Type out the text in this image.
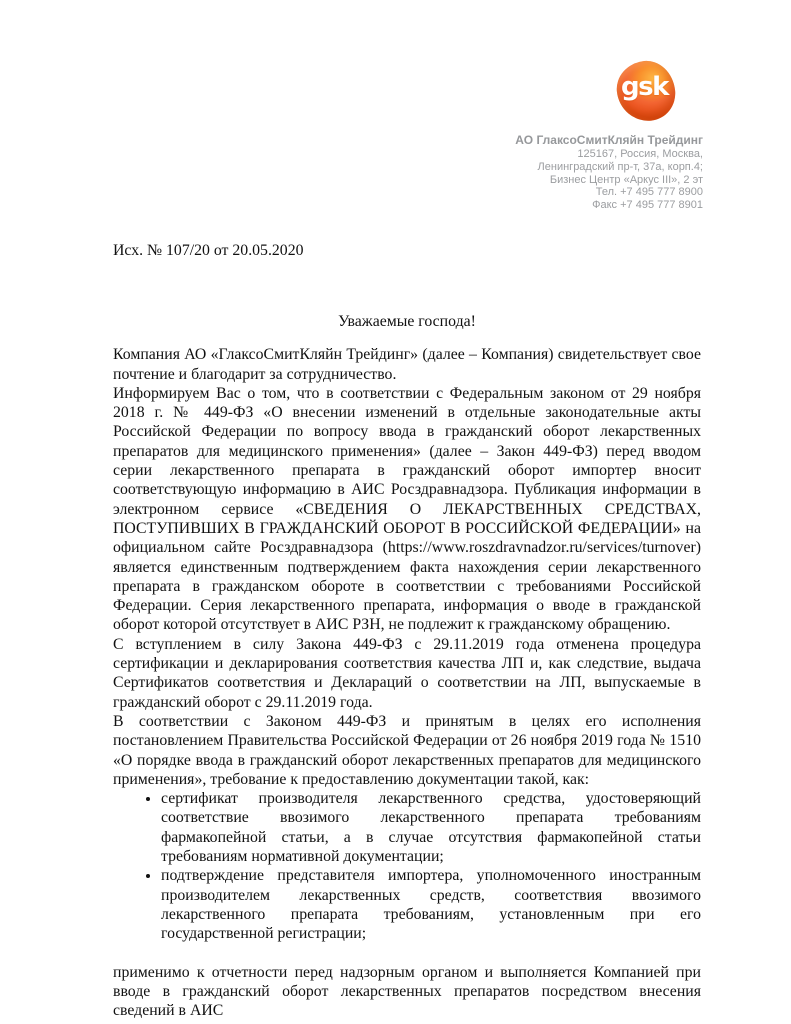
gsk
АО ГлаксоСмитКляйн Трейдинг
125167, Россия, Москва,
Ленинградский пр-т, 37а, корп.4;
Бизнес Центр «Аркус III», 2 эт
Тел. +7 495 777 8900
Факс +7 495 777 8901
Исх. № 107/20 от 20.05.2020
Уважаемые господа!

Компания АО «ГлаксоСмитКляйн Трейдинг» (далее – Компания) свидетельствует свое почтение и благодарит за сотрудничество.

Информируем Вас о том, что в соответствии с Федеральным законом от 29 ноября 2018 г. № 449-ФЗ «О внесении изменений в отдельные законодательные акты Российской Федерации по вопросу ввода в гражданский оборот лекарственных препаратов для медицинского применения» (далее – Закон 449-ФЗ) перед вводом серии лекарственного препарата в гражданский оборот импортер вносит соответствующую информацию в АИС Росздравнадзора. Публикация информации в электронном сервисе «СВЕДЕНИЯ О ЛЕКАРСТВЕННЫХ СРЕДСТВАХ, ПОСТУПИВШИХ В ГРАЖДАНСКИЙ ОБОРОТ В РОССИЙСКОЙ ФЕДЕРАЦИИ» на официальном сайте Росздравнадзора (https://www.roszdravnadzor.ru/services/turnover) является единственным подтверждением факта нахождения серии лекарственного препарата в гражданском обороте в соответствии с требованиями Российской Федерации. Серия лекарственного препарата, информация о вводе в гражданской оборот которой отсутствует в АИС РЗН, не подлежит к гражданскому обращению.

С вступлением в силу Закона 449-ФЗ с 29.11.2019 года отменена процедура сертификации и декларирования соответствия качества ЛП и, как следствие, выдача Сертификатов соответствия и Деклараций о соответствии на ЛП, выпускаемые в гражданский оборот с 29.11.2019 года.

В соответствии с Законом 449-ФЗ и принятым в целях его исполнения постановлением Правительства Российской Федерации от 26 ноября 2019 года № 1510 «О порядке ввода в гражданский оборот лекарственных препаратов для медицинского применения», требование к предоставлению документации такой, как:

• сертификат производителя лекарственного средства, удостоверяющий соответствие ввозимого лекарственного препарата требованиям фармакопейной статьи, а в случае отсутствия фармакопейной статьи требованиям нормативной документации;
• подтверждение представителя импортера, уполномоченного иностранным производителем лекарственных средств, соответствия ввозимого лекарственного препарата требованиям, установленным при его государственной регистрации;

применимо к отчетности перед надзорным органом и выполняется Компанией при вводе в гражданский оборот лекарственных препаратов посредством внесения сведений в АИС
